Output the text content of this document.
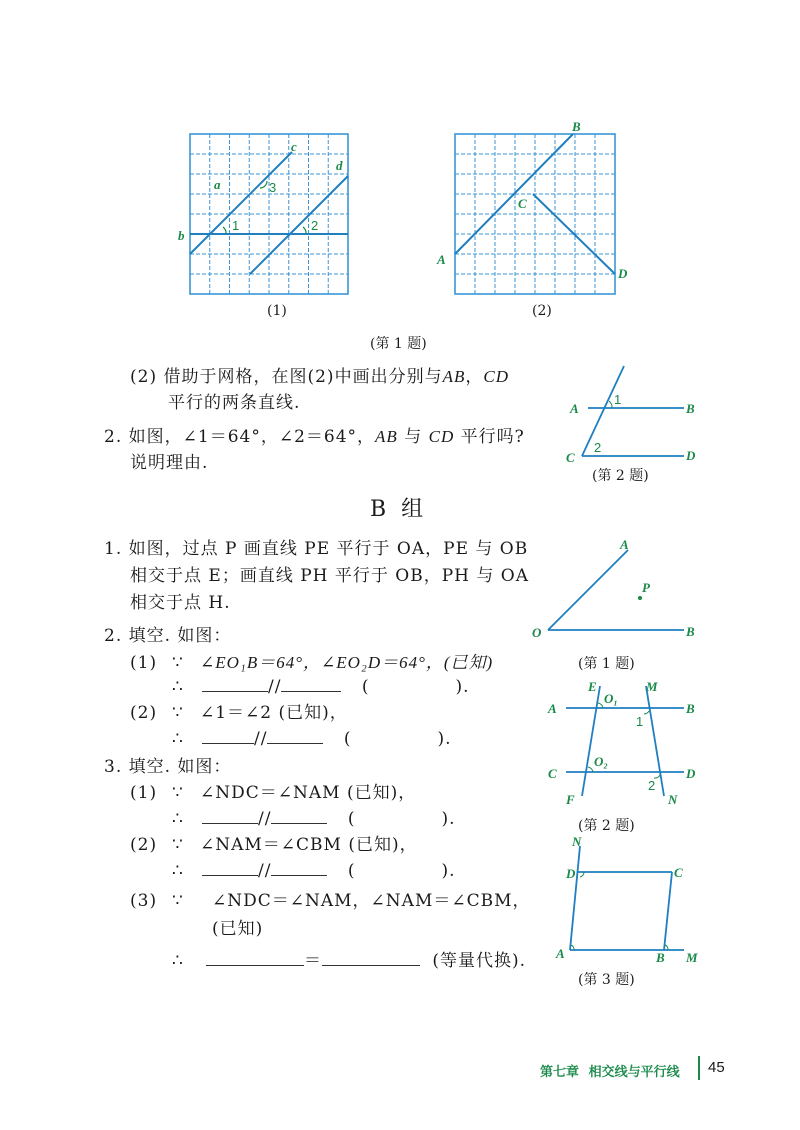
a
b
c
d
1	2
3
A
B
C
D
(1)	(2)
(第 1 题)
(2) 借助于网格，在图(2)中画出分别与AB，CD
平行的两条直线.
2. 如图，∠1＝64°，∠2＝64°，AB 与 CD 平行吗?
说明理由.
A	B
C	D
1
2
(第 2 题)
B 组
1. 如图，过点 P 画直线 PE 平行于 OA，PE 与 OB
相交于点 E；画直线 PH 平行于 OB，PH 与 OA
相交于点 H.
A
P
O	B
(第 1 题)
2. 填空. 如图：
(1) ∵ ∠EO₁B＝64°，∠EO₂D＝64°，(已知)
∴	//	(	).
(2) ∵ ∠1＝∠2 (已知)，
∴	//	(	).
E
O₁
M
A	B
1
C
O₂
D
F
2
N
(第 2 题)
3. 填空. 如图：
(1) ∵ ∠NDC＝∠NAM (已知)，
∴	//	(	).
(2) ∵ ∠NAM＝∠CBM (已知)，
∴	//	(	).
(3) ∵ ∠NDC＝∠NAM，∠NAM＝∠CBM，
(已知)
∴	＝	(等量代换).
N
D	C
A	B M
(第 3 题)
第七章 相交线与平行线 45
